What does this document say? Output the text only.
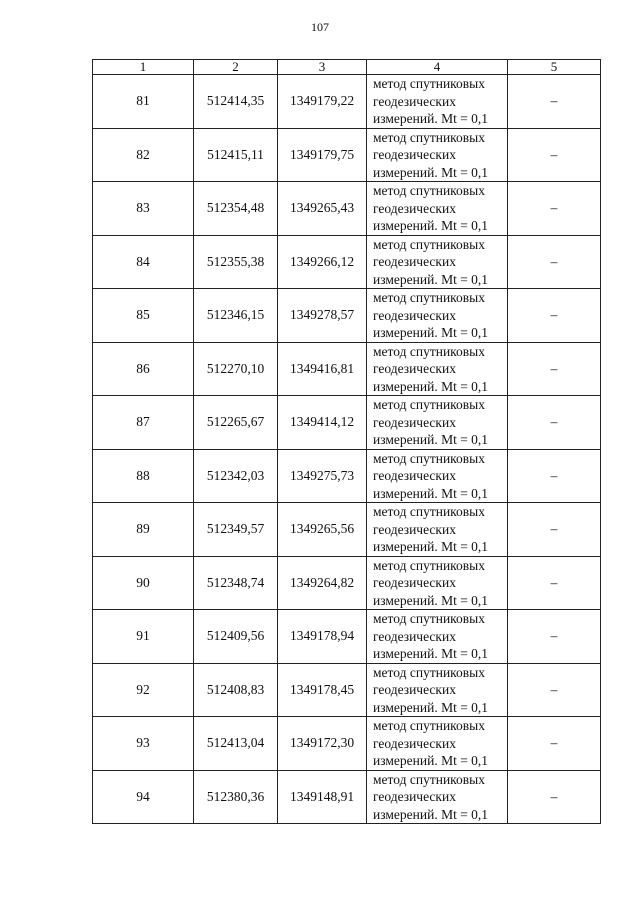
107
1	2	3	4	5
81	512414,35	1349179,22	метод спутниковых
геодезических
измерений. Mt = 0,1	–
82	512415,11	1349179,75	метод спутниковых
геодезических
измерений. Mt = 0,1	–
83	512354,48	1349265,43	метод спутниковых
геодезических
измерений. Mt = 0,1	–
84	512355,38	1349266,12	метод спутниковых
геодезических
измерений. Mt = 0,1	–
85	512346,15	1349278,57	метод спутниковых
геодезических
измерений. Mt = 0,1	–
86	512270,10	1349416,81	метод спутниковых
геодезических
измерений. Mt = 0,1	–
87	512265,67	1349414,12	метод спутниковых
геодезических
измерений. Mt = 0,1	–
88	512342,03	1349275,73	метод спутниковых
геодезических
измерений. Mt = 0,1	–
89	512349,57	1349265,56	метод спутниковых
геодезических
измерений. Mt = 0,1	–
90	512348,74	1349264,82	метод спутниковых
геодезических
измерений. Mt = 0,1	–
91	512409,56	1349178,94	метод спутниковых
геодезических
измерений. Mt = 0,1	–
92	512408,83	1349178,45	метод спутниковых
геодезических
измерений. Mt = 0,1	–
93	512413,04	1349172,30	метод спутниковых
геодезических
измерений. Mt = 0,1	–
94	512380,36	1349148,91	метод спутниковых
геодезических
измерений. Mt = 0,1	–
